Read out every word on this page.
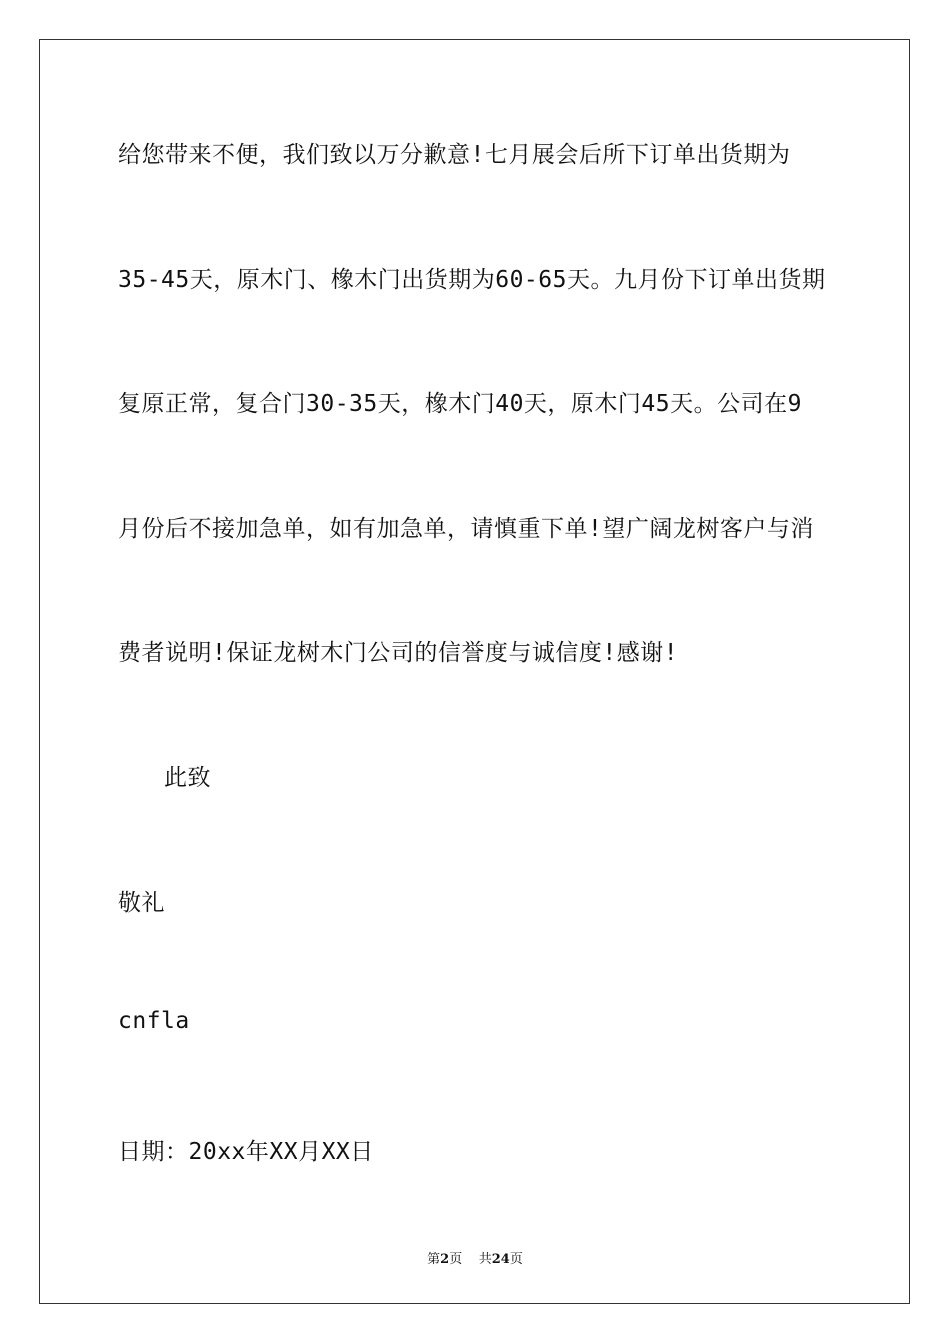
给您带来不便，我们致以万分歉意!七月展会后所下订单出货期为
35-45天，原木门、橡木门出货期为60-65天。九月份下订单出货期
复原正常，复合门30-35天，橡木门40天，原木门45天。公司在9
月份后不接加急单，如有加急单，请慎重下单!望广阔龙树客户与消
费者说明!保证龙树木门公司的信誉度与诚信度!感谢!
此致
敬礼
cnfla
日期：20xx年XX月XX日
第2页 共24页
